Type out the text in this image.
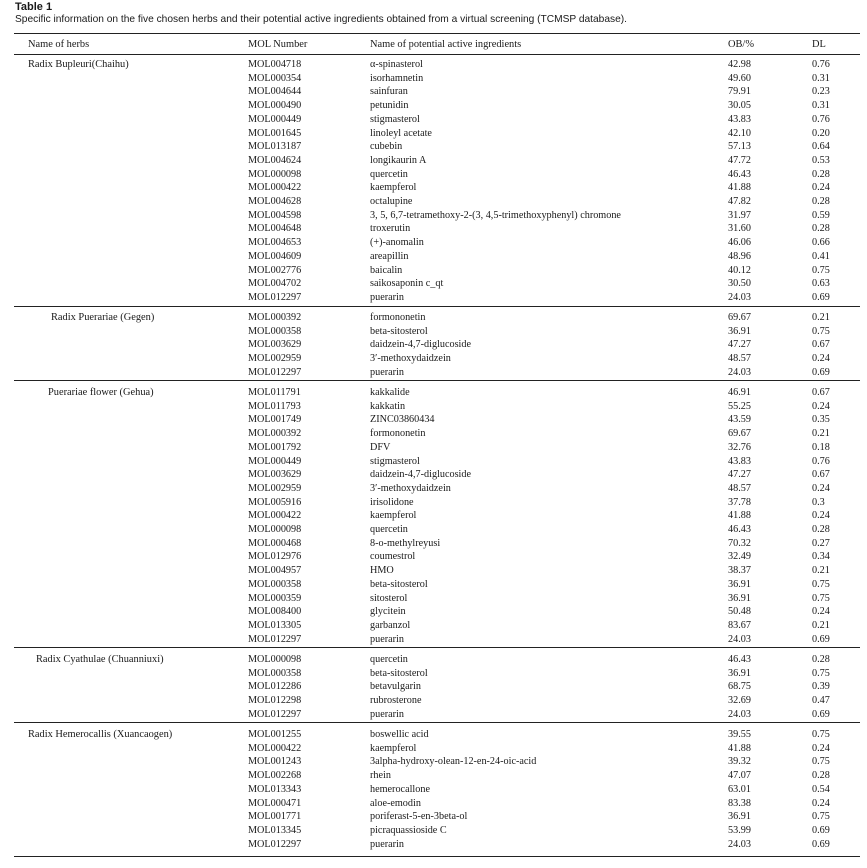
Table 1
Specific information on the five chosen herbs and their potential active ingredients obtained from a virtual screening (TCMSP database).
Name of herbs	MOL Number	Name of potential active ingredients	OB/%	DL
Radix Bupleuri(Chaihu)	MOL004718	α-spinasterol	42.98	0.76
MOL000354	isorhamnetin	49.60	0.31
MOL004644	sainfuran	79.91	0.23
MOL000490	petunidin	30.05	0.31
MOL000449	stigmasterol	43.83	0.76
MOL001645	linoleyl acetate	42.10	0.20
MOL013187	cubebin	57.13	0.64
MOL004624	longikaurin A	47.72	0.53
MOL000098	quercetin	46.43	0.28
MOL000422	kaempferol	41.88	0.24
MOL004628	octalupine	47.82	0.28
MOL004598	3, 5, 6,7-tetramethoxy-2-(3, 4,5-trimethoxyphenyl) chromone	31.97	0.59
MOL004648	troxerutin	31.60	0.28
MOL004653	(+)-anomalin	46.06	0.66
MOL004609	areapillin	48.96	0.41
MOL002776	baicalin	40.12	0.75
MOL004702	saikosaponin c_qt	30.50	0.63
MOL012297	puerarin	24.03	0.69
Radix Puerariae (Gegen)	MOL000392	formononetin	69.67	0.21
MOL000358	beta-sitosterol	36.91	0.75
MOL003629	daidzein-4,7-diglucoside	47.27	0.67
MOL002959	3′-methoxydaidzein	48.57	0.24
MOL012297	puerarin	24.03	0.69
Puerariae flower (Gehua)	MOL011791	kakkalide	46.91	0.67
MOL011793	kakkatin	55.25	0.24
MOL001749	ZINC03860434	43.59	0.35
MOL000392	formononetin	69.67	0.21
MOL001792	DFV	32.76	0.18
MOL000449	stigmasterol	43.83	0.76
MOL003629	daidzein-4,7-diglucoside	47.27	0.67
MOL002959	3′-methoxydaidzein	48.57	0.24
MOL005916	irisolidone	37.78	0.3
MOL000422	kaempferol	41.88	0.24
MOL000098	quercetin	46.43	0.28
MOL000468	8-o-methylreyusi	70.32	0.27
MOL012976	coumestrol	32.49	0.34
MOL004957	HMO	38.37	0.21
MOL000358	beta-sitosterol	36.91	0.75
MOL000359	sitosterol	36.91	0.75
MOL008400	glycitein	50.48	0.24
MOL013305	garbanzol	83.67	0.21
MOL012297	puerarin	24.03	0.69
Radix Cyathulae (Chuanniuxi)	MOL000098	quercetin	46.43	0.28
MOL000358	beta-sitosterol	36.91	0.75
MOL012286	betavulgarin	68.75	0.39
MOL012298	rubrosterone	32.69	0.47
MOL012297	puerarin	24.03	0.69
Radix Hemerocallis (Xuancaogen)	MOL001255	boswellic acid	39.55	0.75
MOL000422	kaempferol	41.88	0.24
MOL001243	3alpha-hydroxy-olean-12-en-24-oic-acid	39.32	0.75
MOL002268	rhein	47.07	0.28
MOL013343	hemerocallone	63.01	0.54
MOL000471	aloe-emodin	83.38	0.24
MOL001771	poriferast-5-en-3beta-ol	36.91	0.75
MOL013345	picraquassioside C	53.99	0.69
MOL012297	puerarin	24.03	0.69
